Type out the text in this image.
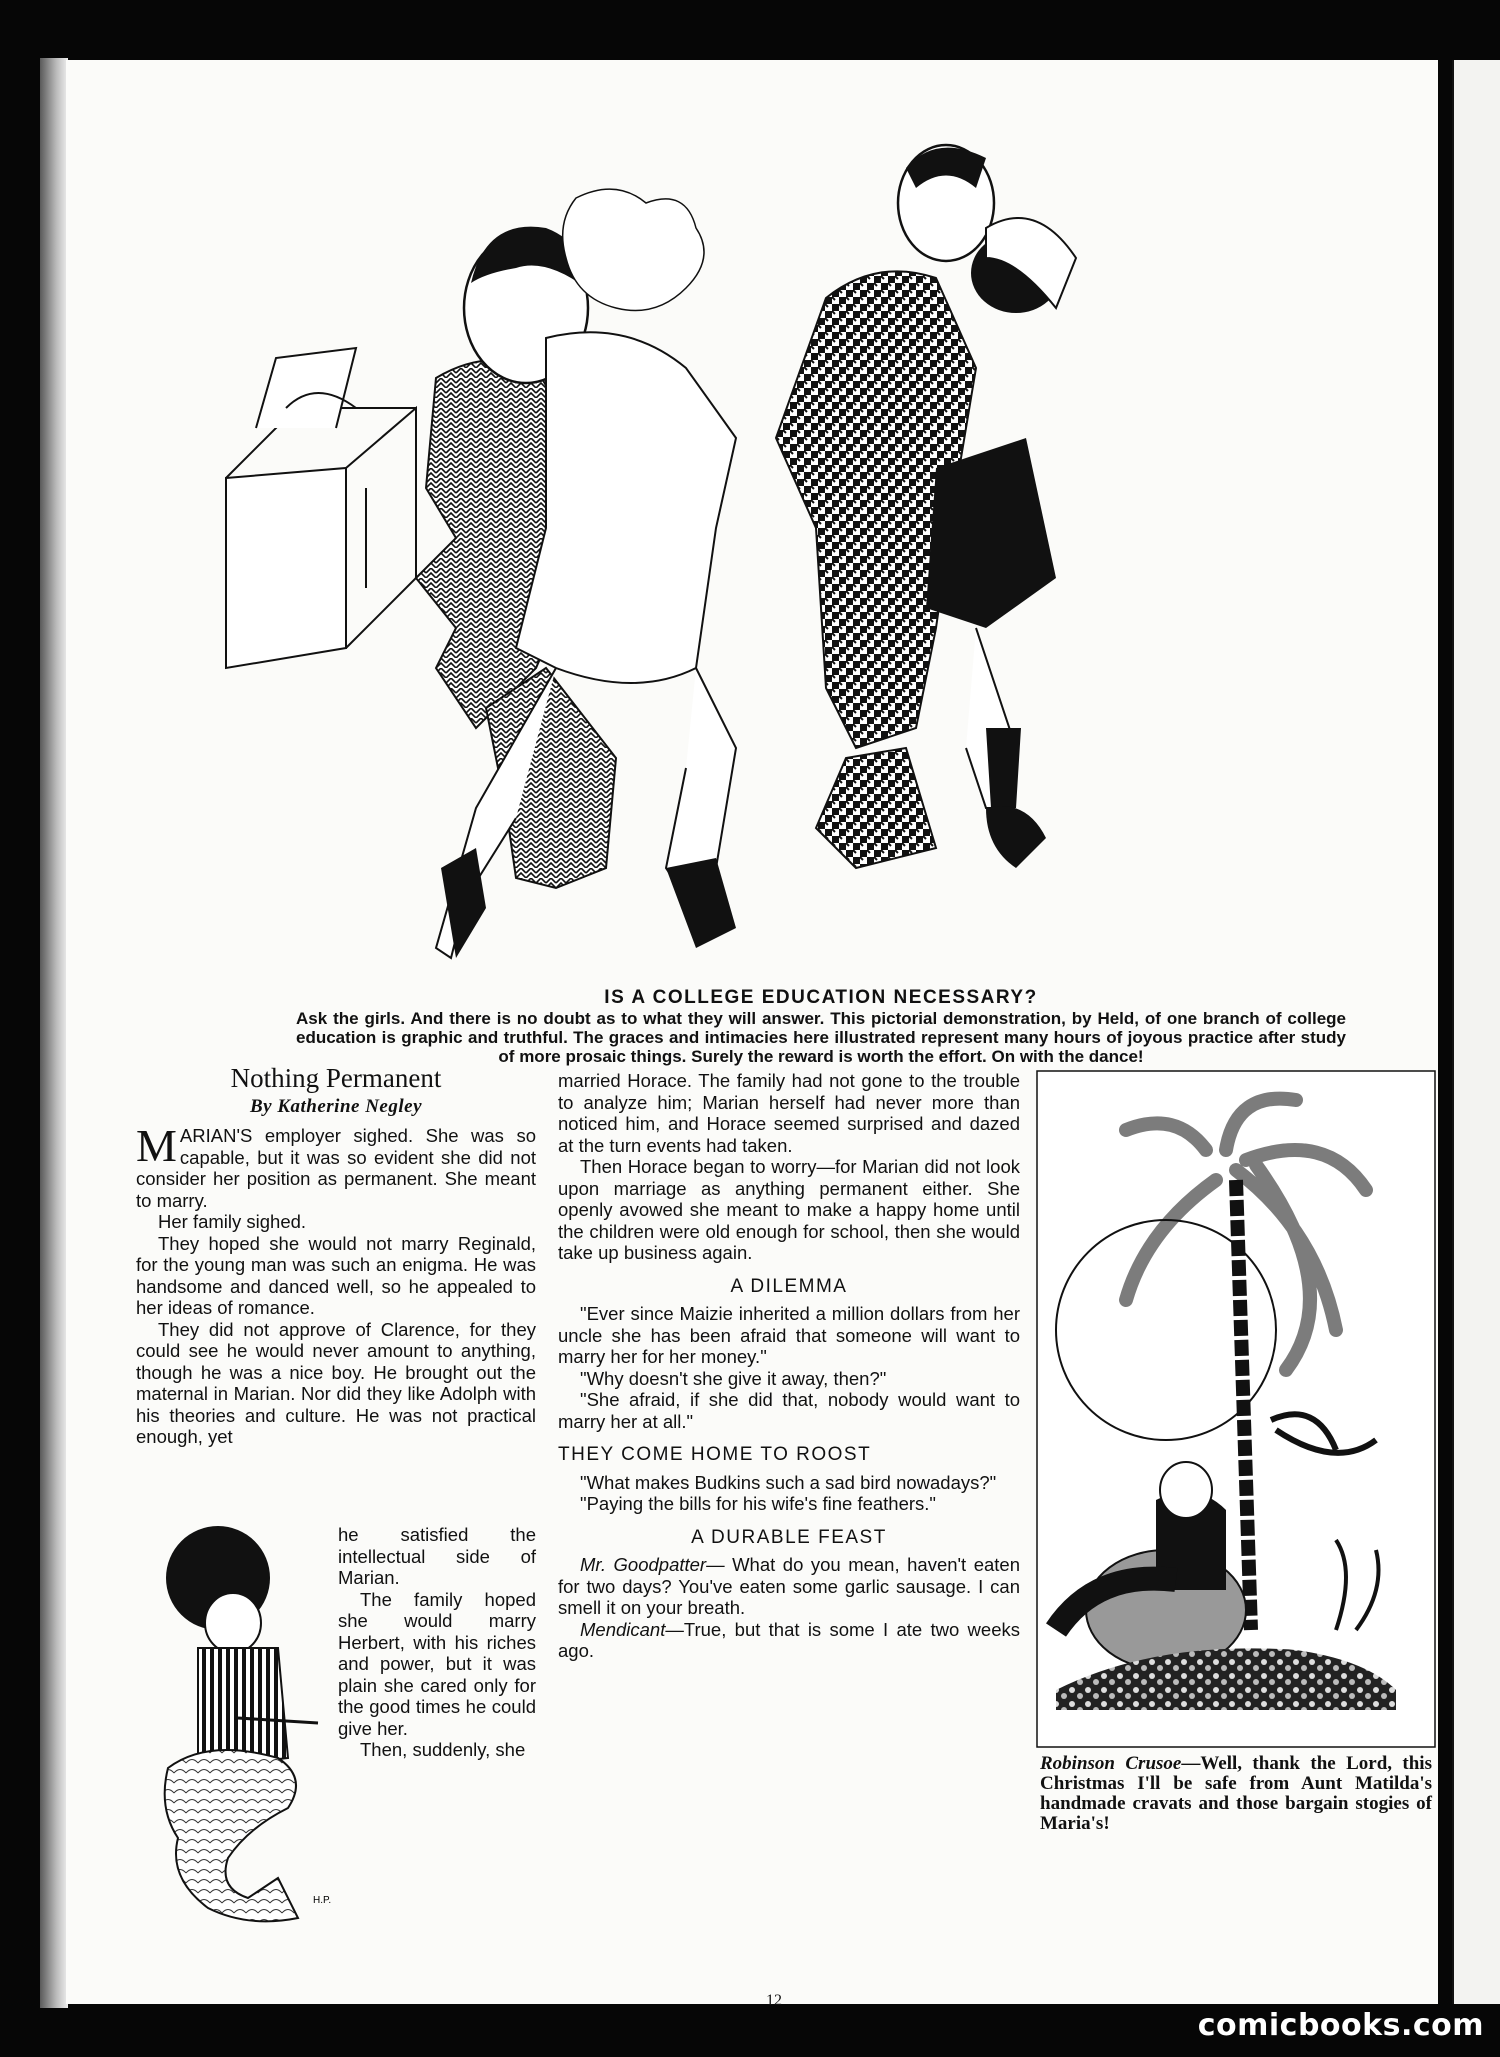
IS A COLLEGE EDUCATION NECESSARY?
Ask the girls. And there is no doubt as to what they will answer. This pictorial demonstration, by Held, of one branch of college education is graphic and truthful. The graces and intimacies here illustrated represent many hours of joyous practice after study of more prosaic things. Surely the reward is worth the effort. On with the dance!
Nothing Permanent
By Katherine Negley

MARIAN'S employer sighed. She was so capable, but it was so evident she did not consider her position as permanent. She meant to marry.

Her family sighed.

They hoped she would not marry Reginald, for the young man was such an enigma. He was handsome and danced well, so he appealed to her ideas of romance.

They did not approve of Clarence, for they could see he would never amount to anything, though he was a nice boy. He brought out the maternal in Marian. Nor did they like Adolph with his theories and culture. He was not practical enough, yet

H.P.

he satisfied the intellectual side of Marian.

The family hoped she would marry Herbert, with his riches and power, but it was plain she cared only for the good times he could give her.

Then, suddenly, she

married Horace. The family had not gone to the trouble to analyze him; Marian herself had never more than noticed him, and Horace seemed surprised and dazed at the turn events had taken.

Then Horace began to worry—for Marian did not look upon marriage as anything permanent either. She openly avowed she meant to make a happy home until the children were old enough for school, then she would take up business again.

A DILEMMA

"Ever since Maizie inherited a million dollars from her uncle she has been afraid that someone will want to marry her for her money."

"Why doesn't she give it away, then?"

"She afraid, if she did that, nobody would want to marry her at all."

THEY COME HOME TO ROOST

"What makes Budkins such a sad bird nowadays?"

"Paying the bills for his wife's fine feathers."

A DURABLE FEAST

Mr. Goodpatter— What do you mean, haven't eaten for two days? You've eaten some garlic sausage. I can smell it on your breath.

Mendicant—True, but that is some I ate two weeks ago.

Robinson Crusoe—Well, thank the Lord, this Christmas I'll be safe from Aunt Matilda's handmade cravats and those bargain stogies of Maria's!
12
comicbooks.com
